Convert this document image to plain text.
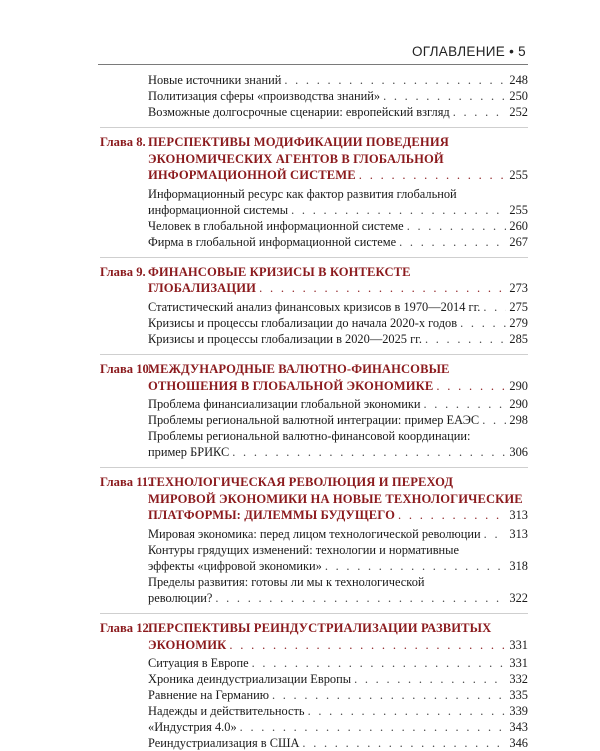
ОГЛАВЛЕНИЕ • 5
Новые источники знаний . . .	248
Политизация сферы «производства знаний» . . .	250
Возможные долгосрочные сценарии: европейский взгляд . . .	252
Глава 8. ПЕРСПЕКТИВЫ МОДИФИКАЦИИ ПОВЕДЕНИЯ
ЭКОНОМИЧЕСКИХ АГЕНТОВ В ГЛОБАЛЬНОЙ
ИНФОРМАЦИОННОЙ СИСТЕМЕ . . .	255
Информационный ресурс как фактор развития глобальной
информационной системы . . .	255
Человек в глобальной информационной системе . . .	260
Фирма в глобальной информационной системе . . .	267
Глава 9. ФИНАНСОВЫЕ КРИЗИСЫ В КОНТЕКСТЕ
ГЛОБАЛИЗАЦИИ . . .	273
Статистический анализ финансовых кризисов в 1970—2014 гг. . . . 275
Кризисы и процессы глобализации до начала 2020-х годов . . .	279
Кризисы и процессы глобализации в 2020—2025 гг. . . .	285
Глава 10.
МЕЖДУНАРОДНЫЕ ВАЛЮТНО-ФИНАНСОВЫЕ
ОТНОШЕНИЯ В ГЛОБАЛЬНОЙ ЭКОНОМИКЕ . . .	290
Проблема финансиализации глобальной экономики . . .	290
Проблемы региональной валютной интеграции: пример ЕАЭС . . . 298
Проблемы региональной валютно-финансовой координации:
пример БРИКС . . .	306
Глава 11.
ТЕХНОЛОГИЧЕСКАЯ РЕВОЛЮЦИЯ И ПЕРЕХОД
МИРОВОЙ ЭКОНОМИКИ НА НОВЫЕ ТЕХНОЛОГИЧЕСКИЕ
ПЛАТФОРМЫ: ДИЛЕММЫ БУДУЩЕГО . . .	313
Мировая экономика: перед лицом технологической революции . . . 313
Контуры грядущих изменений: технологии и нормативные
эффекты «цифровой экономики» . . .	318
Пределы развития: готовы ли мы к технологической
революции? . . .	322
Глава 12.
ПЕРСПЕКТИВЫ РЕИНДУСТРИАЛИЗАЦИИ РАЗВИТЫХ
ЭКОНОМИК . . .	331
Ситуация в Европе . . .	331
Хроника деиндустриализации Европы . . .	332
Равнение на Германию . . .	335
Надежды и действительность . . .	339
«Индустрия 4.0» . . .	343
Реиндустриализация в США . . .	346
